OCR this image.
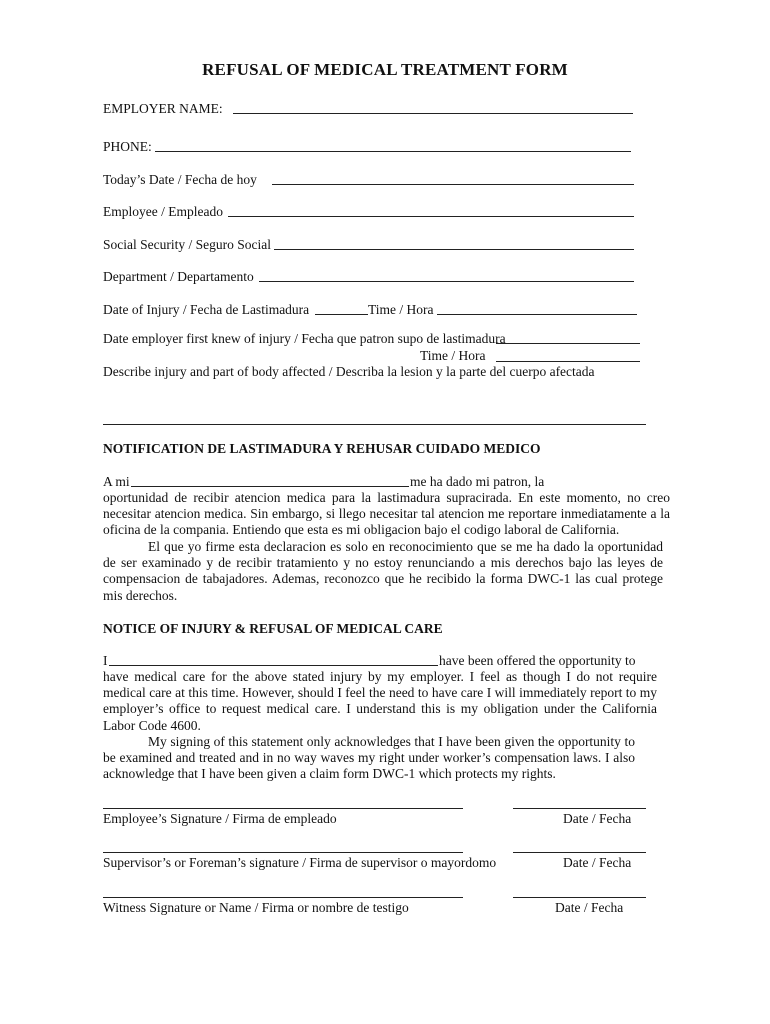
REFUSAL OF MEDICAL TREATMENT FORM
EMPLOYER NAME:
PHONE:
Today’s Date / Fecha de hoy
Employee / Empleado
Social Security / Seguro Social
Department / Departamento
Date of Injury / Fecha de Lastimadura	Time / Hora
Date employer first knew of injury / Fecha que patron supo de lastimadura
Time / Hora
Describe injury and part of body affected / Describa la lesion y la parte del cuerpo afectada
NOTIFICATION DE LASTIMADURA Y REHUSAR CUIDADO MEDICO
A mi	me ha dado mi patron, la

oportunidad de recibir atencion medica para la lastimadura supracirada. En este momento, no creo necesitar atencion medica. Sin embargo, si llego necesitar tal atencion me reportare inmediatamente a la oficina de la compania. Entiendo que esta es mi obligacion bajo el codigo laboral de California.

El que yo firme esta declaracion es solo en reconocimiento que se me ha dado la oportunidad de ser examinado y de recibir tratamiento y no estoy renunciando a mis derechos bajo las leyes de compensacion de tabajadores. Ademas, reconozco que he recibido la forma DWC-1 las cual protege mis derechos.

NOTICE OF INJURY & REFUSAL OF MEDICAL CARE
I	have been offered the opportunity to

have medical care for the above stated injury by my employer. I feel as though I do not require medical care at this time. However, should I feel the need to have care I will immediately report to my employer’s office to request medical care. I understand this is my obligation under the California Labor Code 4600.

My signing of this statement only acknowledges that I have been given the opportunity to be examined and treated and in no way waves my right under worker’s compensation laws. I also acknowledge that I have been given a claim form DWC-1 which protects my rights.

Employee’s Signature / Firma de empleado	Date / Fecha
Supervisor’s or Foreman’s signature / Firma de supervisor o mayordomo	Date / Fecha
Witness Signature or Name / Firma or nombre de testigo	Date / Fecha
